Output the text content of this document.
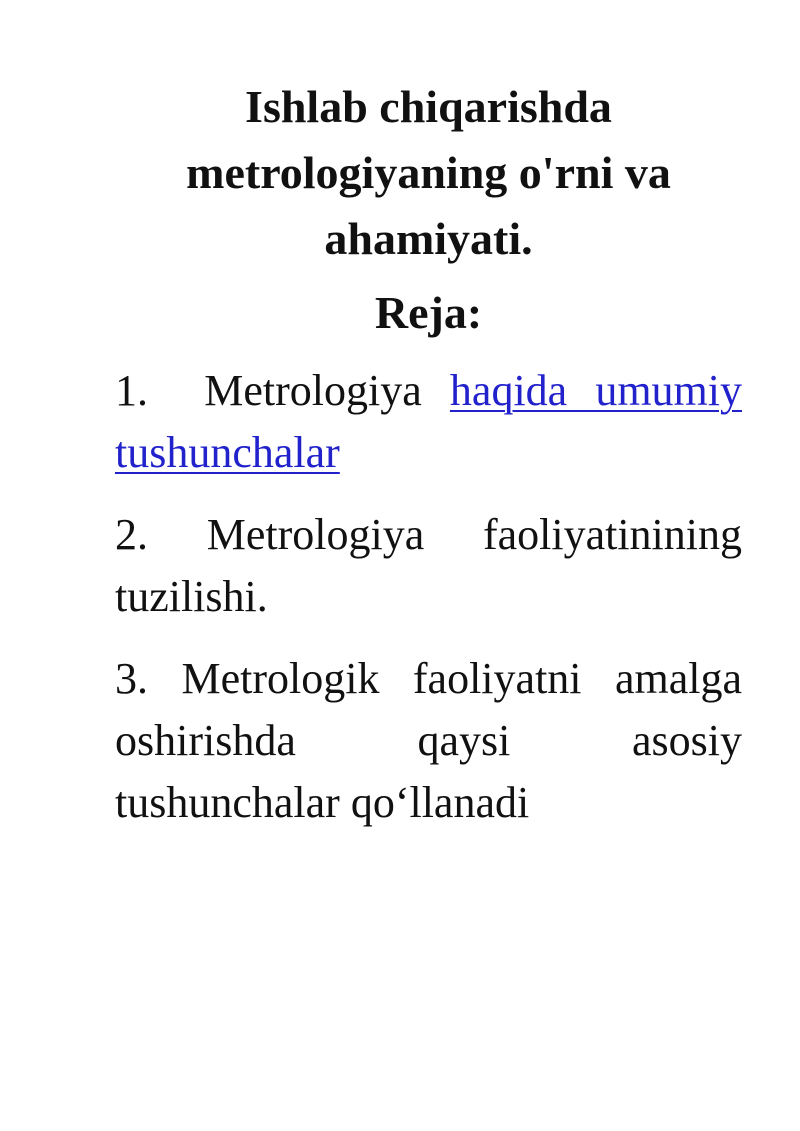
Ishlab chiqarishda metrologiyaning o'rni va ahamiyati.
Reja:
1. Metrologiya haqida umumiy tushunchalar
2. Metrologiya faoliyatinining tuzilishi.
3. Metrologik faoliyatni amalga oshirishda qaysi asosiy tushunchalar qo‘llanadi
